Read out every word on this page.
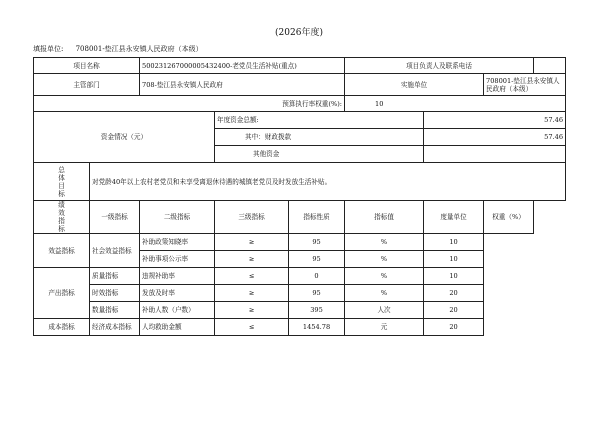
(2026年度)
填报单位: 708001-垫江县永安镇人民政府（本级）
项目名称		500231267000005432400-老党员生活补贴(重点)			项目负责人及联系电话			
主管部门		708-垫江县永安镇人民政府			实施单位		708001-垫江县永安镇人民政府（本级）	
预算执行率权重(%):					10			
资金情况（元）			年度资金总额:			57.46		
			其中：财政拨款			57.46		
			其他资金					
总体目标	对党龄40年以上农村老党员和未享受离退休待遇的城镇老党员及时发放生活补贴。							
绩效指标	一级指标	二级指标	三级指标	指标性质	指标值	度量单位	权重（%）	
效益指标	社会效益指标	补助政策知晓率	≥	95	%	10		
		补助事项公示率	≥	95	%	10		
产出指标	质量指标	违规补助率	≤	0	%	10		
	时效指标	发放及时率	≥	95	%	20		
	数量指标	补助人数（户数）	≥	395	人次	20		
成本指标	经济成本指标	人均救助金额	≤	1454.78	元	20		
